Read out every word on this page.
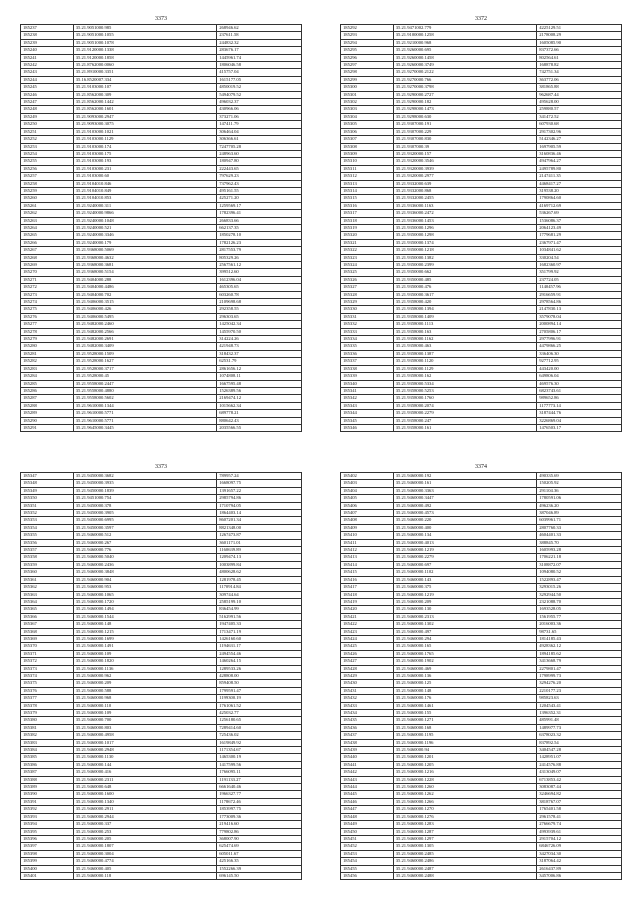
3373
185237	35.21.9051000.985	268946.62
185238	35.21.9051000.1055	237611.58
185239	35.21.9051000.1078	244832.32
185240	35.21.9120000.1338	283676.17
185241	35.21.9120000.1858	1445961.74
185242	35.21.8762000.0060	1806046.58
185243	35.21.8910000.3351	415757.04
185244	35.16.8520007.334	1615177.05
185245	35.21.9103000.107	4850019.52
185246	35.21.8562000.309	5494079.52
185247	35.21.8562000.1442	496032.37
185248	35.21.8562000.1601	430966.06
185249	35.21.9093000.2947	373271.06
185250	35.21.9093000.3075	147411.79
185251	35.21.9103000.1021	306464.04
185252	35.21.9103000.1129	306366.61
185253	35.21.9103000.174	7247705.28
185254	35.21.9103000.175	248963.60
185255	35.21.9103000.193	180947.80
185256	35.21.9103000.231	222443.65
185257	35.21.9103000.60	797629.23
185258	35.21.9104010.846	737962.43
185259	35.21.9104010.849	495161.55
185260	35.21.9104010.853	425271.20
185261	35.21.9240000.311	1259569.17
185262	35.21.9240000.9866	1782396.41
185263	35.21.9240000.1048	266833.66
185264	35.21.9240000.521	662137.35
185265	35.21.9240000.3346	1850278.10
185266	35.21.9240000.179	1782126.23
185267	35.21.9368000.5069	2817553.79
185268	35.21.9368000.4632	805329.26
185269	35.21.9368000.3681	2567561.12
185270	35.21.9368000.5154	399512.60
185271	35.21.9404000.288	1612396.04
185272	35.21.9404000.4486	465305.65
185273	35.21.9404000.702	603260.78
185274	35.21.9406000.3515	2109698.68
185275	35.21.9406000.426	292358.55
185276	35.21.9406000.5495	296303.65
185277	35.21.9482000.2460	1425042.34
185278	35.21.9482000.2566	1455970.50
185279	35.21.9482000.2691	314224.26
185280	35.21.9482000.3409	421948.73
185281	35.21.9528000.1509	318432.37
185282	35.21.9528000.1627	62531.79
185283	35.21.9528000.3717	2861656.12
185284	35.21.9528000.45	1074808.11
185285	35.21.9558000.2447	1667595.48
185286	35.21.9558000.4880	1526389.56
185287	35.21.9558000.5602	2169474.12
185288	35.21.9610000.1344	1015662.34
185289	35.21.9610000.5771	689778.21
185290	35.21.9610000.5771	880642.43
185291	35.21.9645000.3445	2035566.55
3372
185292	35.21.9471002.779	4225129.51
185293	35.21.9100000.1258	2178008.29
185294	35.21.9210000.968	1605085.90
185295	35.21.9260000.695	837372.66
185296	35.21.9260000.1458	802564.61
185297	35.21.9260000.3749	168878.82
185298	35.21.9270000.2122	742751.34
185299	35.21.9270000.766	363772.06
185300	35.21.9270000.3798	381865.88
185301	35.21.9290000.2727	962687.44
185302	35.21.9290000.182	495628.00
185303	35.21.9298000.1473	259880.57
185304	35.21.9298000.630	341472.52
185305	35.21.9307000.191	607930.68
185306	35.21.9307000.229	2917302.96
185307	35.21.9307000.830	5142346.27
185308	35.21.9307000.39	1697905.59
185309	35.21.9320000.157	3160836.46
185310	35.21.9320000.3546	4947964.27
185311	35.21.9320000.3939	2495789.80
185312	35.21.9320000.2977	2147411.35
185313	35.21.9332000.639	4468417.27
185314	35.21.9332000.868	319538.20
185315	35.21.9332000.2455	1790864.60
185316	35.21.9336000.1163	4169712.69
185317	35.21.9336000.2472	536267.69
185318	35.21.9336000.1453	1536086.37
185319	35.21.9350000.1296	2064123.49
185320	35.21.9350000.1298	1779681.29
185321	35.21.9350000.1374	2367971.47
185322	35.21.9350000.1218	1034841.62
185323	35.21.9350000.1382	330204.54
185324	35.21.9350000.2399	1682360.97
185325	35.21.9350000.662	351799.92
185326	35.21.9350000.485	237724.05
185327	35.21.9350000.476	1140457.96
185328	35.21.9350000.3617	2916659.91
185329	35.21.9358000.420	2978564.86
185330	35.21.9358000.1394	2147830.13
185331	35.21.9358000.1409	3579078.04
185332	35.21.9358000.1113	2000894.14
185333	35.21.9358000.163	2705806.17
185334	35.21.9358000.1162	2977996.91
185335	35.21.9358000.463	4479866.25
185336	35.21.9358000.1387	336406.30
185337	35.21.9358000.1120	927712.95
185338	35.21.9358000.1129	443420.00
185339	35.21.9358000.162	649806.04
185340	35.21.9358000.5334	469576.30
185341	35.21.9358000.5253	6823743.61
185342	35.21.9358000.1760	989652.86
185343	35.21.9358000.2074	1177773.14
185344	35.21.9358000.2279	3187444.76
185345	35.21.9358000.247	3226869.04
185346	35.21.9358000.161	1476503.17
3373
185347	35.21.9450000.3682	789957.24
185348	35.21.9450000.3935	1668097.75
185349	35.21.9450000.1839	1391657.22
185350	35.21.9451000.754	2985794.86
185351	35.21.9450000.378	1710794.05
185352	35.21.9450000.3905	1864403.14
185353	35.21.9450000.6995	8607201.34
185354	35.21.9450000.3597	8821348.00
185355	35.21.9460000.512	1267473.87
185356	35.21.9460000.267	3601171.01
185357	35.21.9460000.776	1160639.89
185358	35.21.9460000.5040	1209474.13
185359	35.21.9460000.2436	1003899.84
185360	35.21.9460000.3848	4800628.62
185361	35.21.9460000.904	1281978.45
185362	35.21.9460000.953	1170914.84
185363	35.21.9460000.1065	309744.64
185364	35.21.9460000.1720	2585199.10
185365	35.21.9460000.1494	836454.99
185366	35.21.9460000.1544	5162991.56
185367	35.21.9460000.148	1947405.33
185368	35.21.9460000.1215	1713471.19
185369	35.21.9460000.1699	1426160.60
185370	35.21.9460000.1491	1194631.17
185371	35.21.9460000.109	2494554.46
185372	35.21.9460000.1820	1460264.15
185373	35.21.9460000.1136	1289533.26
185374	35.21.9460000.962	428808.00
185375	35.21.9460000.209	859408.50
185376	35.21.9460000.588	1799591.47
185377	35.21.9460000.968	1199300.19
185378	35.21.9460000.110	1761061.52
185379	35.21.9460000.109	425032.77
185380	35.21.9460000.700	1256180.65
185381	35.21.9460000.803	7289414.60
185382	35.21.9460000.4958	725436.02
185383	35.21.9460000.1017	1619849.92
185384	35.21.9460000.2948	1171354.67
185385	35.21.9460000.1130	1465300.19
185386	35.21.9460000.144	1417599.56
185387	35.21.9460000.416	1766095.11
185388	35.21.9460000.2311	1191133.27
185389	35.21.9460000.648	6661640.46
185390	35.21.9460000.1600	1966327.77
185391	35.21.9460000.1340	1178672.46
185392	35.21.9460000.2911	1853997.75
185393	35.21.9460000.2944	1773009.36
185394	35.21.9460000.337	219416.60
185395	35.21.9460000.253	779802.86
185396	35.21.9460000.205	368007.90
185397	35.21.9460000.1807	625474.69
185398	35.21.9460000.3004	605011.67
185399	35.21.9460000.4774	425166.35
185400	35.21.9460000.405	1552266.39
185401	35.21.9460000.118	696145.50
3374
185402	35.21.9460000.192	490335.69
185403	35.21.9460000.161	150205.92
185404	35.21.9460000.3363	291104.36
185405	35.21.9460000.3447	1780591.06
185406	35.21.9460000.492	496236.20
185407	35.21.9460000.4573	387046.89
185408	35.21.9460000.220	6039961.71
185409	35.21.9460000.400	2807760.33
185410	35.21.9460000.134	4604401.33
185411	35.21.9460000.4013	388845.70
185412	35.21.9460000.1219	1605993.28
185413	35.21.9460000.2279	1706221.18
185414	35.21.9460000.697	3108872.07
185415	35.21.9460000.1102	1094080.52
185416	35.21.9460000.143	1522893.47
185417	35.21.9460000.375	3293015.26
185418	35.21.9460000.1219	3292944.50
185419	35.21.9460000.209	2321088.70
185420	35.21.9460000.130	1693528.05
185421	35.21.9460000.2313	1561955.77
185422	35.21.9460000.1302	2016003.36
185423	35.21.9460000.497	98731.65
185424	35.21.9460000.294	1814185.43
185425	35.21.9460000.165	4928362.12
185426	35.21.9460000.1765	1894185.62
185427	35.21.9460000.1902	3413668.79
185428	35.21.9460000.469	2279801.47
185429	35.21.9460000.136	1798999.73
185430	35.21.9460000.125	3294276.20
185431	35.21.9460000.148	2210177.23
185432	35.21.9460000.176	985823.63
185433	35.21.9460000.1461	1204543.41
185434	35.21.9460000.155	1396352.31
185435	35.21.9460000.1271	485991.48
185436	35.21.9460000.168	1489977.73
185437	35.21.9460000.1195	6378023.32
185438	35.21.9460000.1196	837892.54
185439	35.21.9460000.94	3404547.28
185440	35.21.9460000.1201	1428951.07
185441	35.21.9460000.1205	2414576.88
185442	35.21.9460000.1216	4313049.07
185443	35.21.9460000.1228	6713853.42
185444	35.21.9460000.1260	3083087.44
185445	35.21.9460000.1262	3246694.82
185446	35.21.9460000.1266	3818767.07
185447	35.21.9460000.1270	1765401.58
185448	35.21.9460000.1276	2961578.41
185449	35.21.9460000.1283	2766679.74
185450	35.21.9460000.1287	4993939.61
185451	35.21.9460000.1297	2915704.12
185452	35.21.9460000.1305	6846726.09
185453	35.21.9460000.2485	3427034.30
185454	35.21.9460000.2486	3187064.42
185455	35.21.9460000.2487	2616437.89
185456	35.21.9460000.2488	3457006.86
